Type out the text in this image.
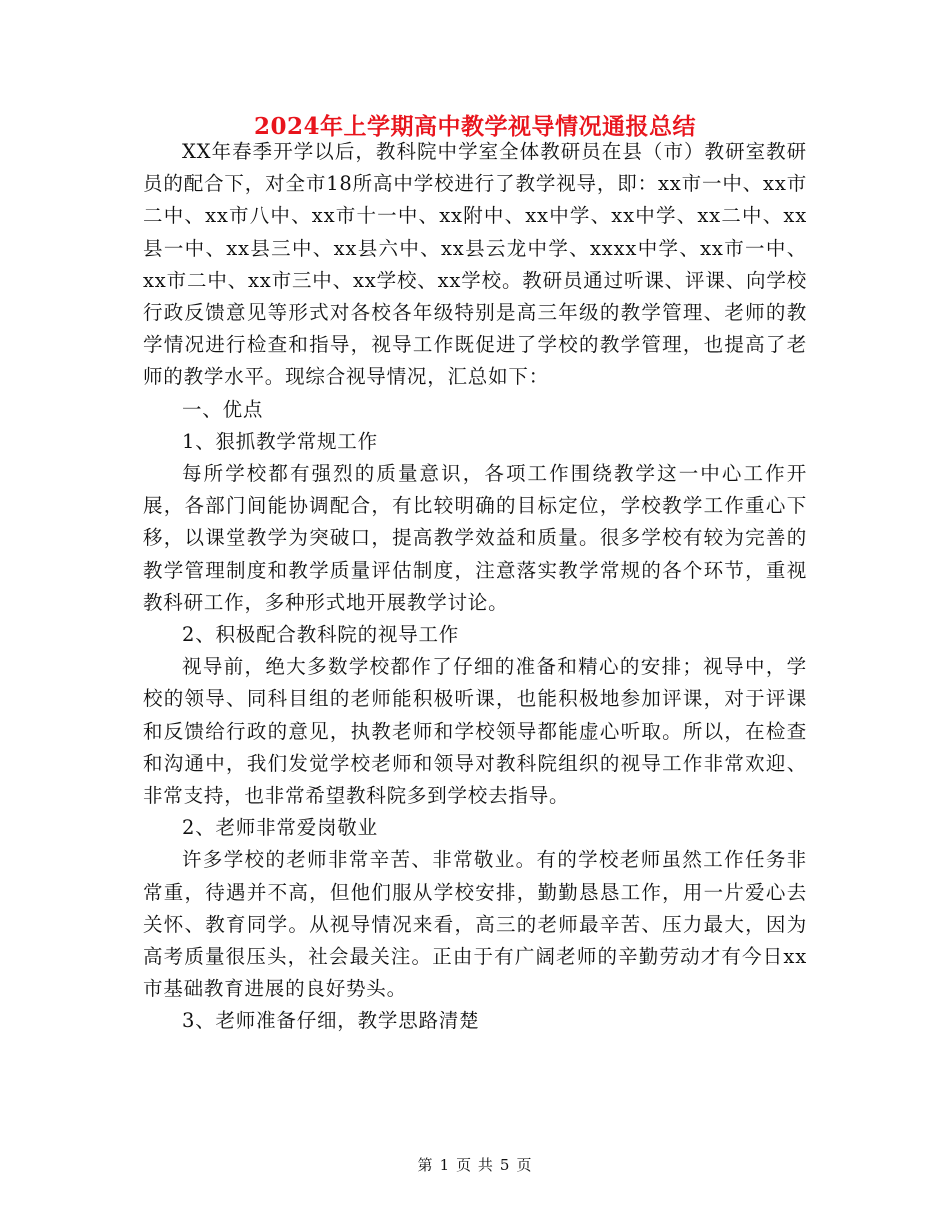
2024年上学期高中教学视导情况通报总结

XX年春季开学以后，教科院中学室全体教研员在县（市）教研室教研员的配合下，对全市18所高中学校进行了教学视导，即：xx市一中、xx市二中、xx市八中、xx市十一中、xx附中、xx中学、xx中学、xx二中、xx县一中、xx县三中、xx县六中、xx县云龙中学、xxxx中学、xx市一中、xx市二中、xx市三中、xx学校、xx学校。教研员通过听课、评课、向学校行政反馈意见等形式对各校各年级特别是高三年级的教学管理、老师的教学情况进行检查和指导，视导工作既促进了学校的教学管理，也提高了老师的教学水平。现综合视导情况，汇总如下：

一、优点

1、狠抓教学常规工作

每所学校都有强烈的质量意识，各项工作围绕教学这一中心工作开展，各部门间能协调配合，有比较明确的目标定位，学校教学工作重心下移，以课堂教学为突破口，提高教学效益和质量。很多学校有较为完善的教学管理制度和教学质量评估制度，注意落实教学常规的各个环节，重视教科研工作，多种形式地开展教学讨论。

2、积极配合教科院的视导工作

视导前，绝大多数学校都作了仔细的准备和精心的安排；视导中，学校的领导、同科目组的老师能积极听课，也能积极地参加评课，对于评课和反馈给行政的意见，执教老师和学校领导都能虚心听取。所以，在检查和沟通中，我们发觉学校老师和领导对教科院组织的视导工作非常欢迎、非常支持，也非常希望教科院多到学校去指导。

2、老师非常爱岗敬业

许多学校的老师非常辛苦、非常敬业。有的学校老师虽然工作任务非常重，待遇并不高，但他们服从学校安排，勤勤恳恳工作，用一片爱心去关怀、教育同学。从视导情况来看，高三的老师最辛苦、压力最大，因为高考质量很压头，社会最关注。正由于有广阔老师的辛勤劳动才有今日xx市基础教育进展的良好势头。

3、老师准备仔细，教学思路清楚

第 1 页 共 5 页
